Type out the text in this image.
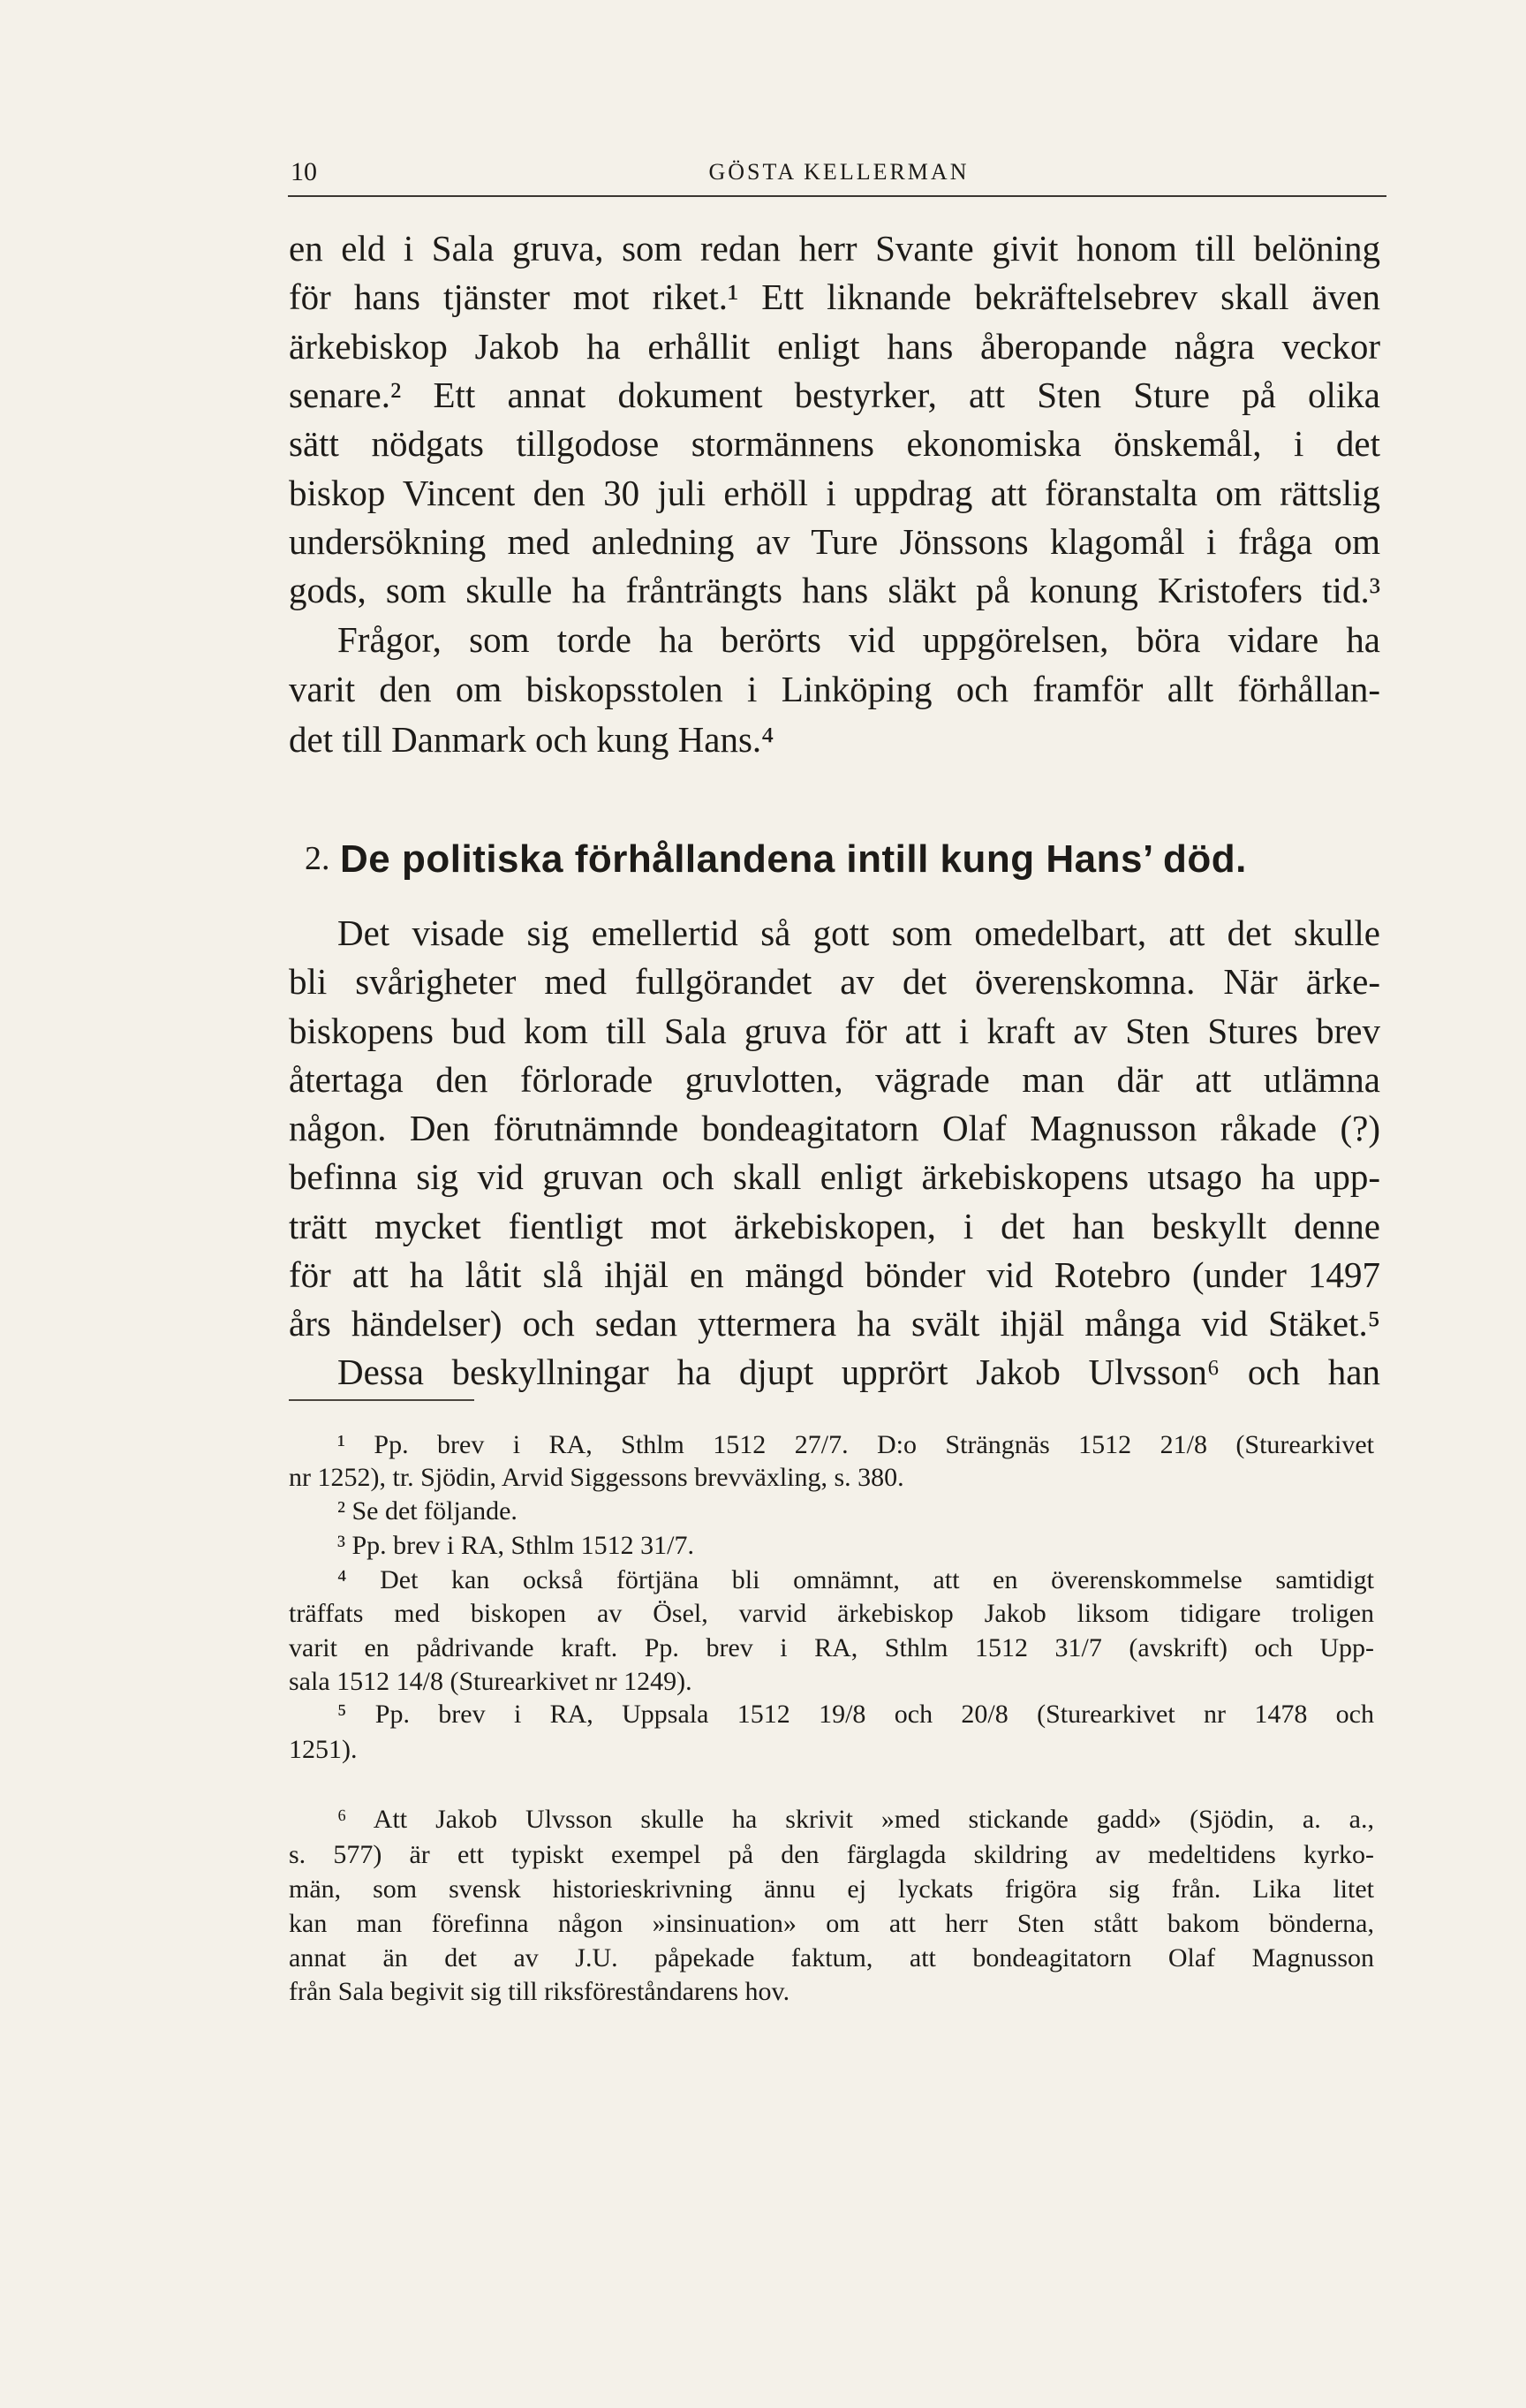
10	GÖSTA KELLERMAN
en eld i Sala gruva, som redan herr Svante givit honom till belöning
för hans tjänster mot riket.¹ Ett liknande bekräftelsebrev skall även
ärkebiskop Jakob ha erhållit enligt hans åberopande några veckor
senare.² Ett annat dokument bestyrker, att Sten Sture på olika
sätt nödgats tillgodose stormännens ekonomiska önskemål, i det
biskop Vincent den 30 juli erhöll i uppdrag att föranstalta om rättslig
undersökning med anledning av Ture Jönssons klagomål i fråga om
gods, som skulle ha frånträngts hans släkt på konung Kristofers tid.³
Frågor, som torde ha berörts vid uppgörelsen, böra vidare ha
varit den om biskopsstolen i Linköping och framför allt förhållan-
det till Danmark och kung Hans.⁴
Det visade sig emellertid så gott som omedelbart, att det skulle
bli svårigheter med fullgörandet av det överenskomna. När ärke-
biskopens bud kom till Sala gruva för att i kraft av Sten Stures brev
återtaga den förlorade gruvlotten, vägrade man där att utlämna
någon. Den förutnämnde bondeagitatorn Olaf Magnusson råkade (?)
befinna sig vid gruvan och skall enligt ärkebiskopens utsago ha upp-
trätt mycket fientligt mot ärkebiskopen, i det han beskyllt denne
för att ha låtit slå ihjäl en mängd bönder vid Rotebro (under 1497
års händelser) och sedan yttermera ha svält ihjäl många vid Stäket.⁵
Dessa beskyllningar ha djupt upprört Jakob Ulvsson⁶ och han
2. De politiska förhållandena intill kung Hans’ död.
¹ Pp. brev i RA, Sthlm 1512 27/7. D:o Strängnäs 1512 21/8 (Sturearkivet
nr 1252), tr. Sjödin, Arvid Siggessons brevväxling, s. 380.
² Se det följande.
³ Pp. brev i RA, Sthlm 1512 31/7.
⁴ Det kan också förtjäna bli omnämnt, att en överenskommelse samtidigt
träffats med biskopen av Ösel, varvid ärkebiskop Jakob liksom tidigare troligen
varit en pådrivande kraft. Pp. brev i RA, Sthlm 1512 31/7 (avskrift) och Upp-
sala 1512 14/8 (Sturearkivet nr 1249).
⁵ Pp. brev i RA, Uppsala 1512 19/8 och 20/8 (Sturearkivet nr 1478 och
1251).
⁶ Att Jakob Ulvsson skulle ha skrivit »med stickande gadd» (Sjödin, a. a.,
s. 577) är ett typiskt exempel på den färglagda skildring av medeltidens kyrko-
män, som svensk historieskrivning ännu ej lyckats frigöra sig från. Lika litet
kan man förefinna någon »insinuation» om att herr Sten stått bakom bönderna,
annat än det av J.U. påpekade faktum, att bondeagitatorn Olaf Magnusson
från Sala begivit sig till riksföreståndarens hov.
